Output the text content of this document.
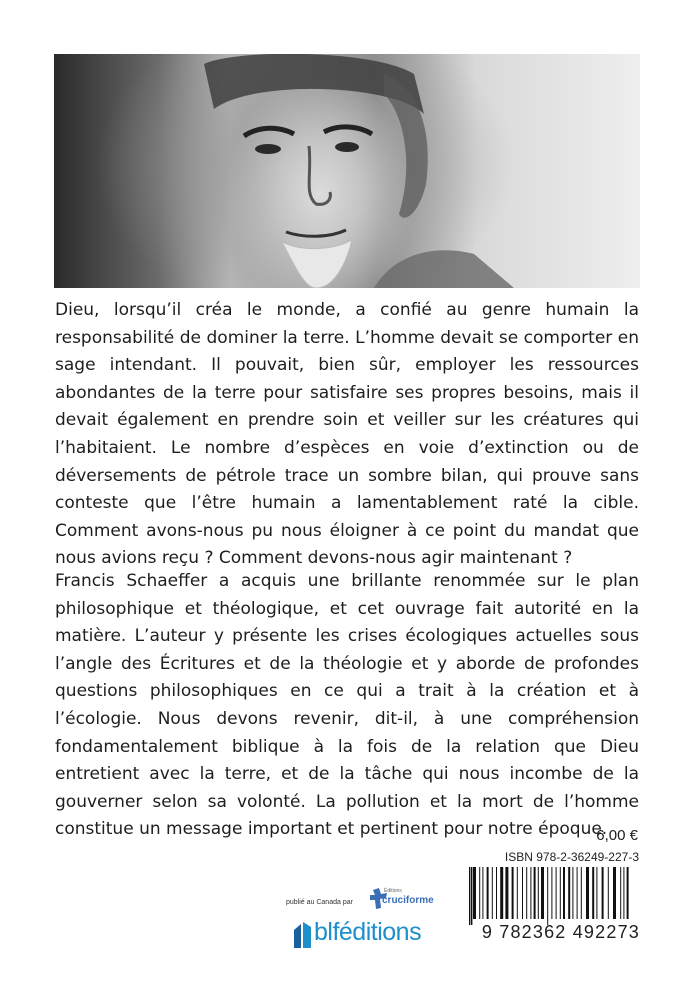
Dieu, lorsqu’il créa le monde, a confié au genre humain la responsabilité de dominer la terre. L’homme devait se comporter en sage intendant. Il pouvait, bien sûr, employer les ressources abondantes de la terre pour satisfaire ses propres besoins, mais il devait également en prendre soin et veiller sur les créatures qui l’habitaient. Le nombre d’espèces en voie d’extinction ou de déversements de pétrole trace un sombre bilan, qui prouve sans conteste que l’être humain a lamentablement raté la cible. Comment avons-nous pu nous éloigner à ce point du mandat que nous avions reçu ? Comment devons-nous agir maintenant ?

Francis Schaeffer a acquis une brillante renommée sur le plan philosophique et théologique, et cet ouvrage fait autorité en la matière. L’auteur y présente les crises écologiques actuelles sous l’angle des Écritures et de la théologie et y aborde de profondes questions philosophiques en ce qui a trait à la création et à l’écologie. Nous devons revenir, dit-il, à une compréhension fondamentalement biblique à la fois de la relation que Dieu entretient avec la terre, et de la tâche qui nous incombe de la gouverner selon sa volonté. La pollution et la mort de l’homme constitue un message important et pertinent pour notre époque.

6,00 €
ISBN 978-2-36249-227-3
9 782362 492273
publié au Canada par
Éditions
cruciforme
blféditions
